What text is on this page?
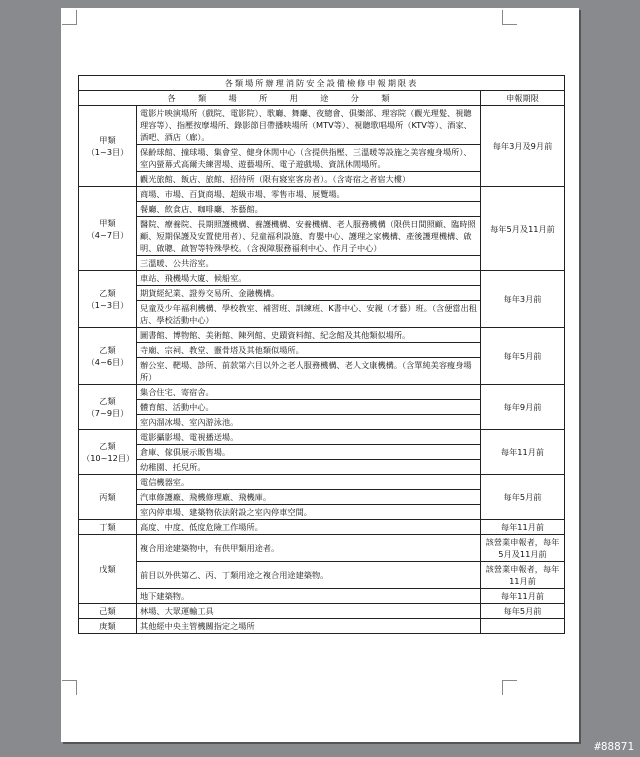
各類場所辦理消防安全設備檢修申報期限表		
各　　類　　場　　所　　用　　途　　分　　類		申報期限
甲類
（1~3目）	電影片映演場所（戲院、電影院）、歌廳、舞廳、夜總會、俱樂部、理容院（觀光理髮、視聽理容等）、指壓按摩場所、錄影節目帶播映場所（MTV等）、視聽歌唱場所（KTV等）、酒家、酒吧、酒店（廊）。	每年3月及9月前
	保齡球館、撞球場、集會堂、健身休閒中心（含提供指壓、三溫暖等設施之美容瘦身場所）、室內螢幕式高爾夫練習場、遊藝場所、電子遊戲場、資訊休閒場所。	
	觀光旅館、飯店、旅館、招待所（限有寢室客房者）。（含寄宿之者宿大樓）	
甲類
（4~7目）	商場、市場、百貨商場、超級市場、零售市場、展覽場。	每年5月及11月前
	餐廳、飲食店、咖啡廳、茶藝館。	
	醫院、療養院、長期照護機構、養護機構、安養機構、老人服務機構（限供日間照顧、臨時照顧、短期保護及安置使用者）、兒童福利設施、育嬰中心、護理之家機構、產後護理機構、啟明、啟聰、啟智等特殊學校。（含視障服務福利中心、作月子中心）	
	三溫暖、公共浴室。	
乙類
（1~3目）	車站、飛機場大廈、候船室。	每年3月前
	期貨經紀業、證券交易所、金融機構。	
	兒童及少年福利機構、學校教室、補習班、訓練班、K書中心、安親（才藝）班。（含便當出租店、學校活動中心）	
乙類
（4~6目）	圖書館、博物館、美術館、陳列館、史蹟資料館、紀念館及其他類似場所。	每年5月前
	寺廟、宗祠、教堂、靈骨塔及其他類似場所。	
	辦公室、靶場、診所、前款第六目以外之老人服務機構、老人文康機構。（含單純美容瘦身場所）	
乙類
（7~9目）	集合住宅、寄宿舍。	每年9月前
	體育館、活動中心。	
	室內溜冰場、室內游泳池。	
乙類
（10~12目）	電影攝影場、電視播送場。	每年11月前
	倉庫、傢俱展示販售場。	
	幼稚園、托兒所。	
丙類	電信機器室。	每年5月前
	汽車修護廠、飛機修理廠、飛機庫。	
	室內停車場、建築物依法附設之室內停車空間。	
丁類	高度、中度、低度危險工作場所。	每年11月前
戊類	複合用途建築物中，有供甲類用途者。	該營業申報者，每年5月及11月前
	前目以外供第乙、丙、丁類用途之複合用途建築物。	該營業申報者，每年11月前
	地下建築物。	每年11月前
己類	林場、大眾運輸工具	每年5月前
庚類	其他經中央主管機關指定之場所	
#88871
